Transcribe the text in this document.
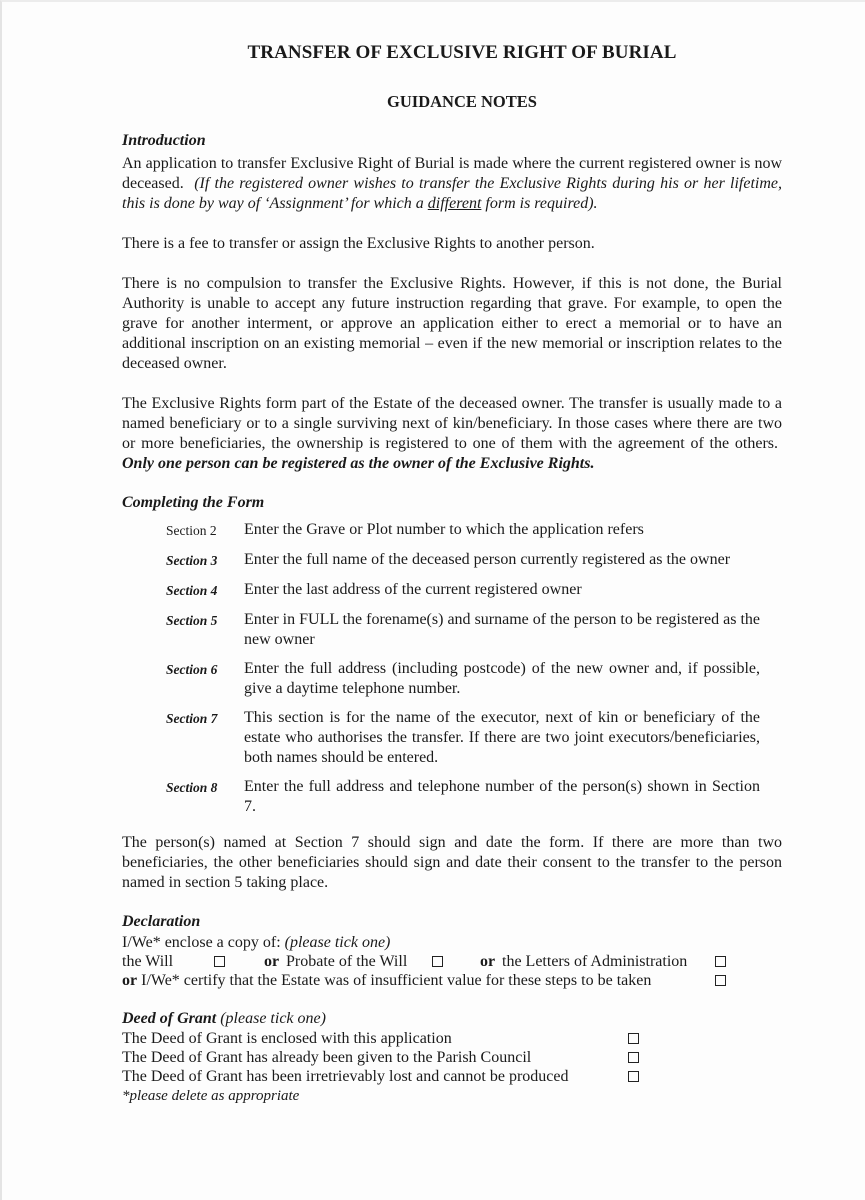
TRANSFER OF EXCLUSIVE RIGHT OF BURIAL
GUIDANCE NOTES
Introduction

An application to transfer Exclusive Right of Burial is made where the current registered owner is now deceased. (If the registered owner wishes to transfer the Exclusive Rights during his or her lifetime, this is done by way of ‘Assignment’ for which a different form is required).

There is a fee to transfer or assign the Exclusive Rights to another person.

There is no compulsion to transfer the Exclusive Rights. However, if this is not done, the Burial Authority is unable to accept any future instruction regarding that grave. For example, to open the grave for another interment, or approve an application either to erect a memorial or to have an additional inscription on an existing memorial – even if the new memorial or inscription relates to the deceased owner.

The Exclusive Rights form part of the Estate of the deceased owner. The transfer is usually made to a named beneficiary or to a single surviving next of kin/beneficiary. In those cases where there are two or more beneficiaries, the ownership is registered to one of them with the agreement of the others.  Only one person can be registered as the owner of the Exclusive Rights.

Completing the Form
Section 2	Enter the Grave or Plot number to which the application refers
Section 3	Enter the full name of the deceased person currently registered as the owner
Section 4	Enter the last address of the current registered owner
Section 5	Enter in FULL the forename(s) and surname of the person to be registered as the new owner
Section 6	Enter the full address (including postcode) of the new owner and, if possible, give a daytime telephone number.
Section 7	This section is for the name of the executor, next of kin or beneficiary of the estate who authorises the transfer. If there are two joint executors/beneficiaries, both names should be entered.
Section 8	Enter the full address and telephone number of the person(s) shown in Section 7.

The person(s) named at Section 7 should sign and date the form. If there are more than two beneficiaries, the other beneficiaries should sign and date their consent to the transfer to the person named in section 5 taking place.

Declaration
I/We* enclose a copy of: (please tick one)
the Will	or Probate of the Will	or the Letters of Administration
or I/We* certify that the Estate was of insufficient value for these steps to be taken
Deed of Grant (please tick one)
The Deed of Grant is enclosed with this application
The Deed of Grant has already been given to the Parish Council
The Deed of Grant has been irretrievably lost and cannot be produced
*please delete as appropriate
